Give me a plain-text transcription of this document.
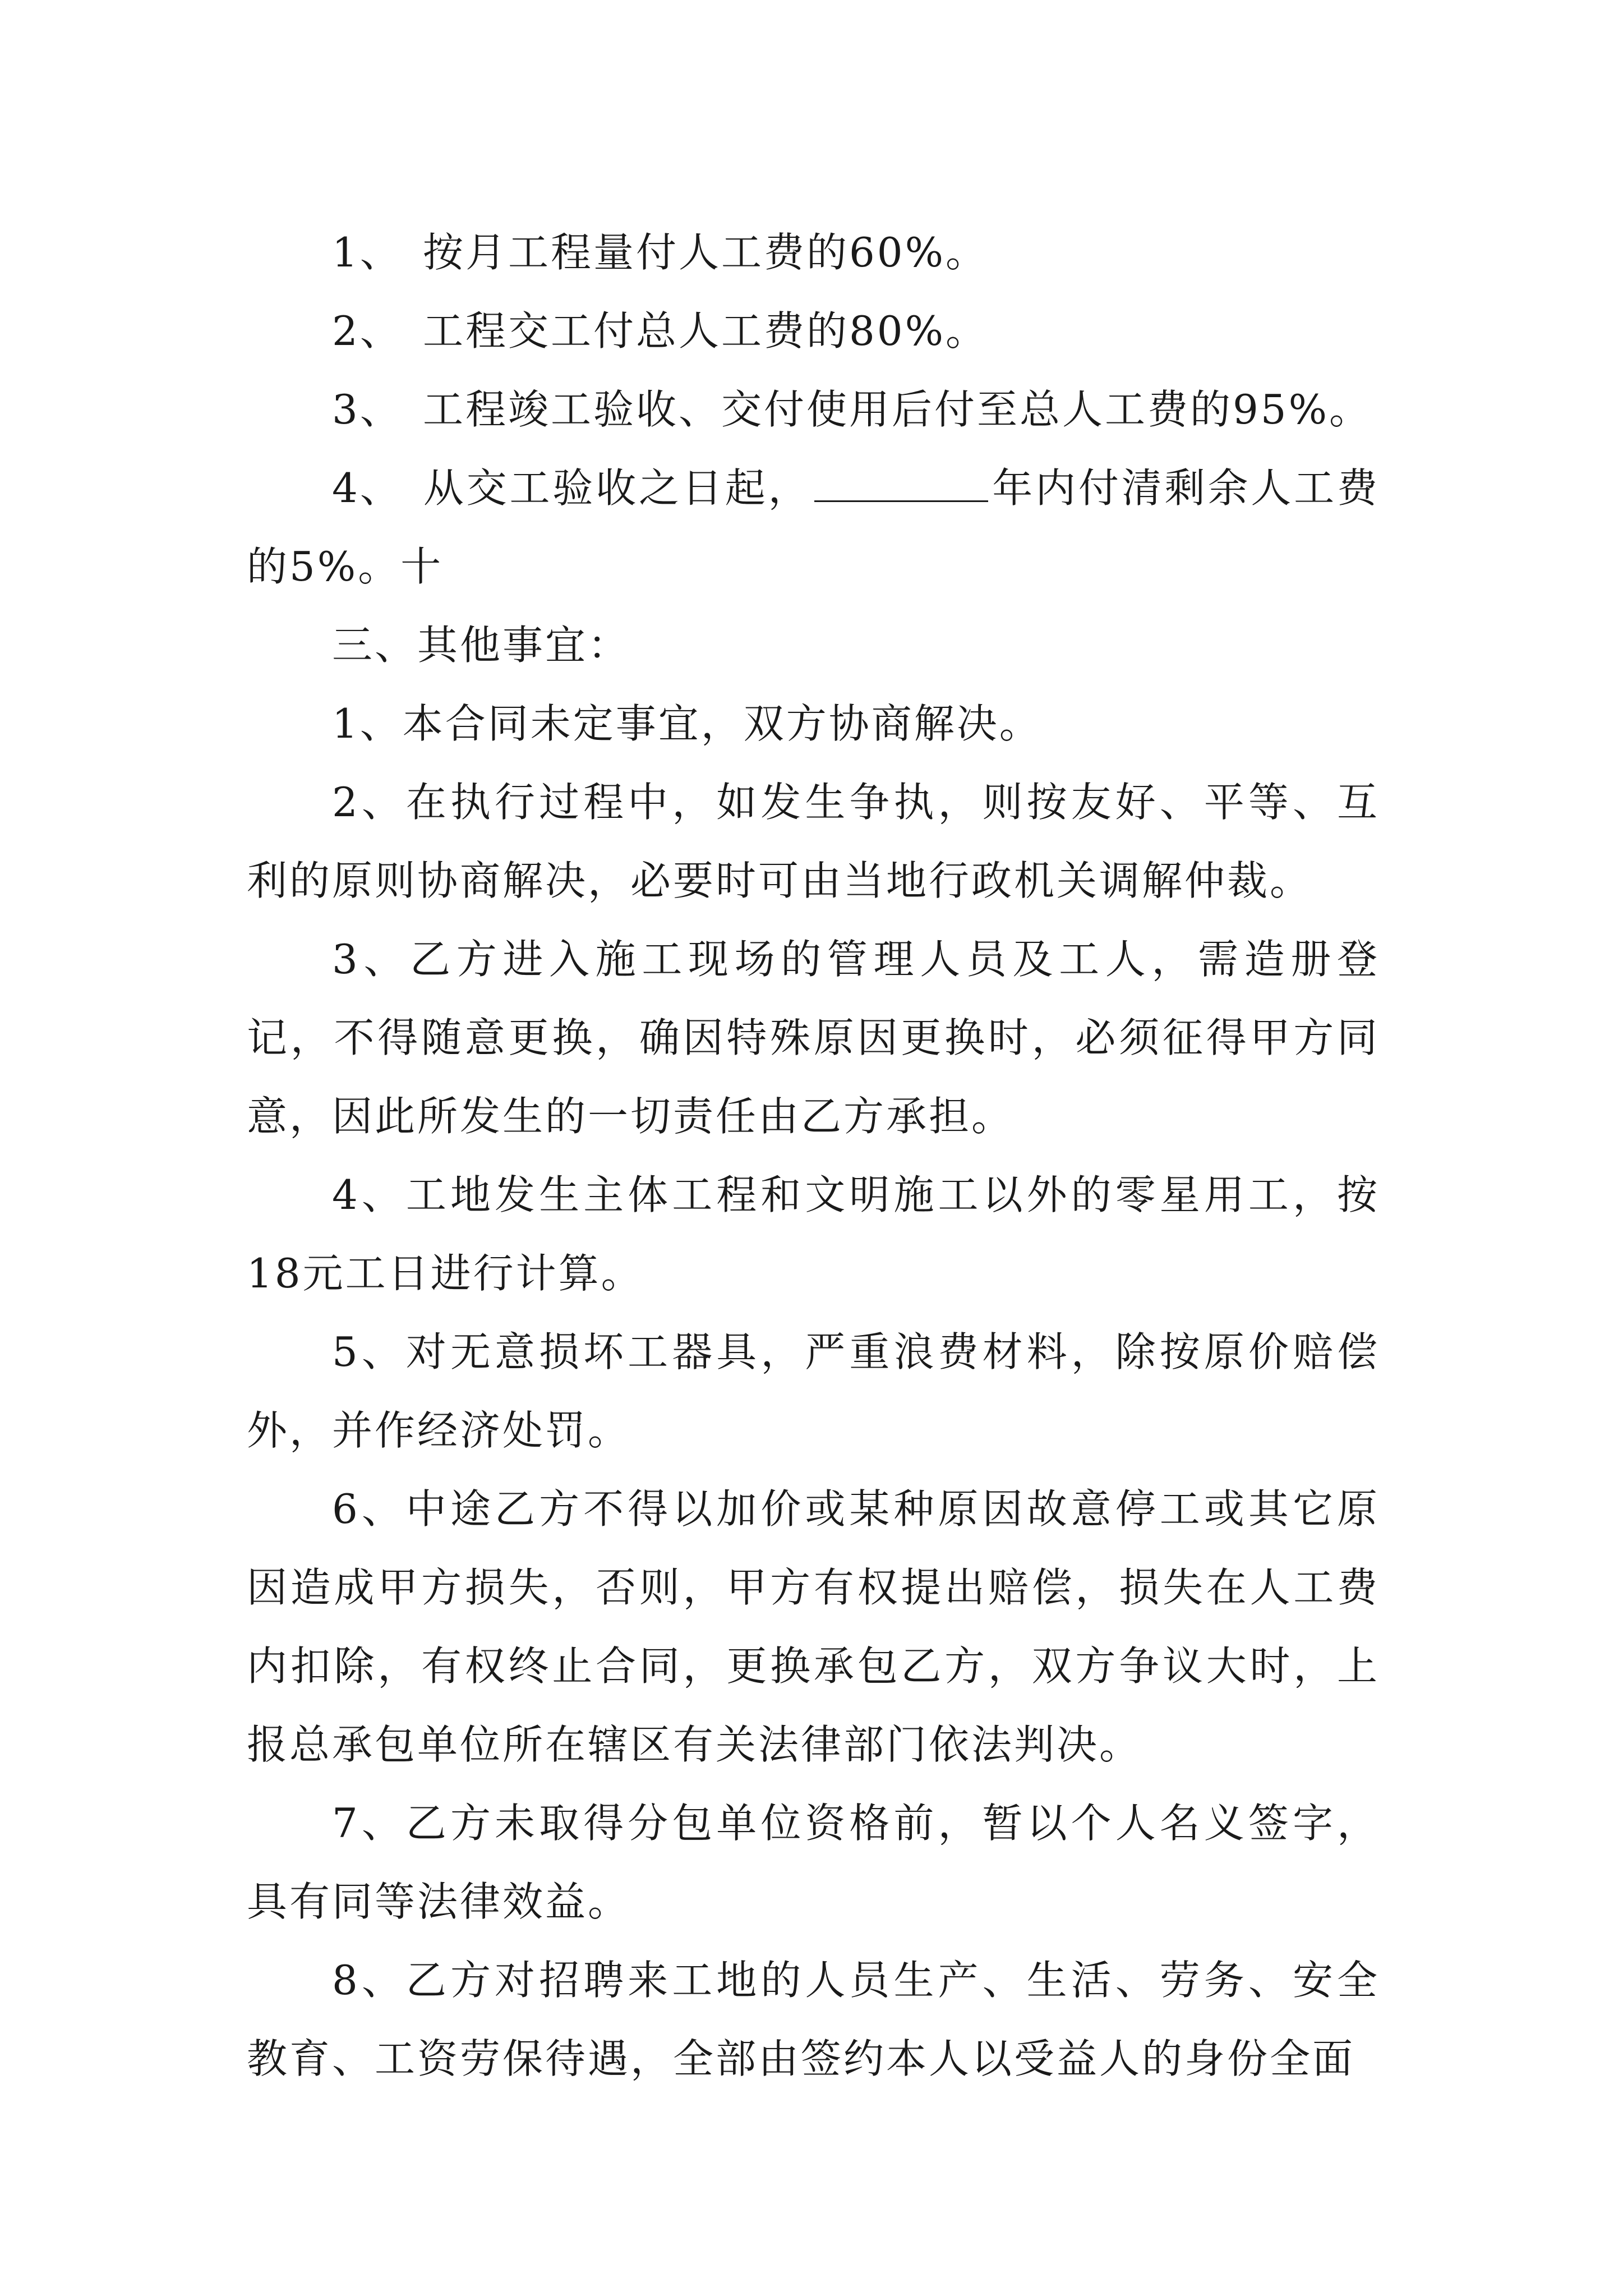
1、 按月工程量付人工费的60%。

2、 工程交工付总人工费的80%。

3、 工程竣工验收、交付使用后付至总人工费的95%。

4、 从交工验收之日起，	年内付清剩余人工费的5%。十

三、其他事宜：

1、本合同未定事宜，双方协商解决。

2、在执行过程中，如发生争执，则按友好、平等、互利的原则协商解决，必要时可由当地行政机关调解仲裁。

3、乙方进入施工现场的管理人员及工人，需造册登记，不得随意更换，确因特殊原因更换时，必须征得甲方同意，因此所发生的一切责任由乙方承担。

4、工地发生主体工程和文明施工以外的零星用工，按18元工日进行计算。

5、对无意损坏工器具，严重浪费材料，除按原价赔偿外，并作经济处罚。

6、中途乙方不得以加价或某种原因故意停工或其它原因造成甲方损失，否则，甲方有权提出赔偿，损失在人工费内扣除，有权终止合同，更换承包乙方，双方争议大时，上报总承包单位所在辖区有关法律部门依法判决。

7、乙方未取得分包单位资格前，暂以个人名义签字，具有同等法律效益。

8、乙方对招聘来工地的人员生产、生活、劳务、安全教育、工资劳保待遇，全部由签约本人以受益人的身份全面
